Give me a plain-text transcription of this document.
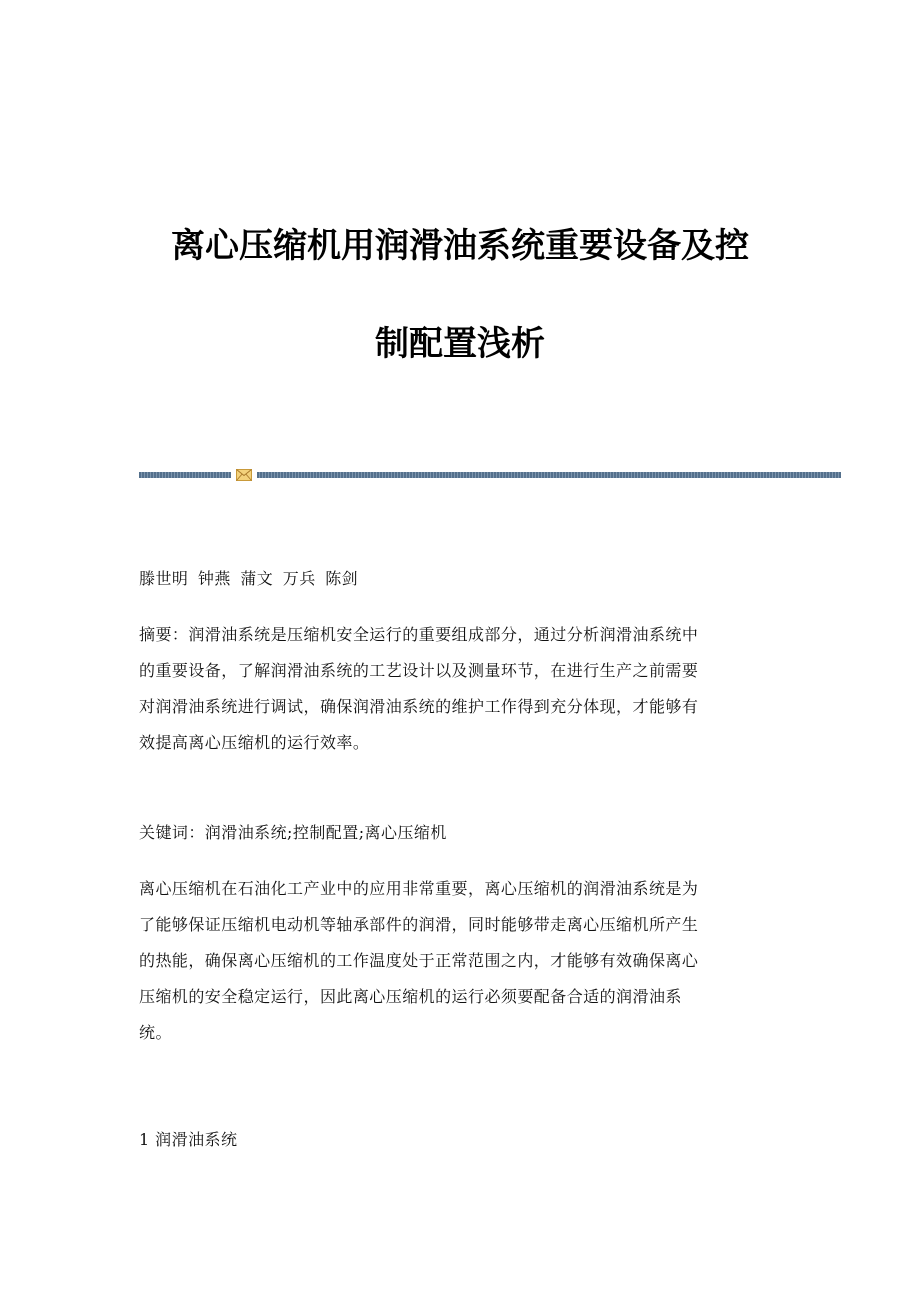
离心压缩机用润滑油系统重要设备及控
制配置浅析

滕世明 钟燕 蒲文 万兵 陈剑

摘要：润滑油系统是压缩机安全运行的重要组成部分，通过分析润滑油系统中
的重要设备，了解润滑油系统的工艺设计以及测量环节，在进行生产之前需要
对润滑油系统进行调试，确保润滑油系统的维护工作得到充分体现，才能够有
效提高离心压缩机的运行效率。

关键词：润滑油系统;控制配置;离心压缩机

离心压缩机在石油化工产业中的应用非常重要，离心压缩机的润滑油系统是为
了能够保证压缩机电动机等轴承部件的润滑，同时能够带走离心压缩机所产生
的热能，确保离心压缩机的工作温度处于正常范围之内，才能够有效确保离心
压缩机的安全稳定运行，因此离心压缩机的运行必须要配备合适的润滑油系
统。

1 润滑油系统
